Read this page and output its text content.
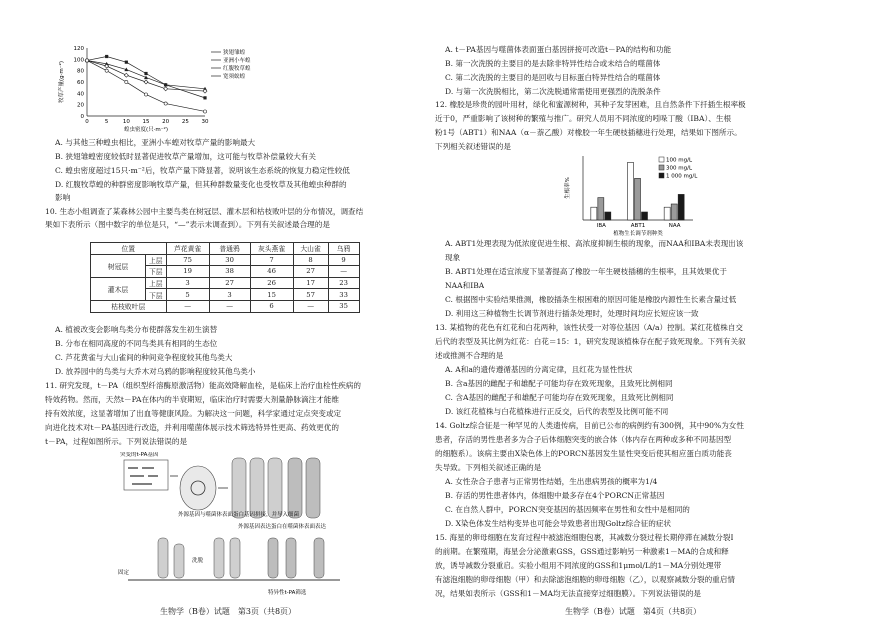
0
20
40
60
80
100
120
0	5	10 15 20 25 30
蝗虫密度(只·m⁻²)
牧草产量(g·m⁻²)
狭翅雏蝗
亚洲小车蝗
红腹牧草蝗
宽须蚁蝗
A. 与其他三种蝗虫相比，亚洲小车蝗对牧草产量的影响最大
B. 狭翅雏蝗密度较低时显著促进牧草产量增加，这可能与牧草补偿量较大有关
C. 蝗虫密度超过15只·m⁻²后，牧草产量下降显著，说明该生态系统的恢复力稳定性较低
D. 红腹牧草蝗的种群密度影响牧草产量，但其种群数量变化也受牧草及其他蝗虫种群的
影响
10. 生态小组调查了某森林公园中主要鸟类在树冠层、灌木层和枯枝败叶层的分布情况，调查结
果如下表所示（图中数字的单位是只，“—”表示未调查到）。下列有关叙述最合理的是
位置		芦花黄雀	普通鸦	灰头燕雀	大山雀	乌鸦
树冠层	上层	75	30	7	8	9
	下层	19	38	46	27	—
灌木层	上层	3	27	26	17	23
	下层	5	3	15	57	33
枯枝败叶层		—	—	6	—	35
A. 植被改变会影响鸟类分布使群落发生初生演替
B. 分布在相同高度的不同鸟类具有相同的生态位
C. 芦花黄雀与大山雀间的种间竞争程度较其他鸟类大
D. 放养园中的鸟类与大乔木对乌鸦的影响程度较其他鸟类小
11. 研究发现，t－PA（组织型纤溶酶原激活物）能高效降解血栓，是临床上治疗血栓性疾病的
特效药物。然而，天然t－PA在体内的半衰期短，临床治疗时需要大剂量静脉滴注才能维
持有效浓度，这显著增加了出血等健康风险。为解决这一问题，科学家通过定点突变或定
向进化技术对t－PA基因进行改造，并利用噬菌体展示技术筛选特异性更高、药效更优的
t－PA，过程如图所示。下列说法错误的是
突变的t-PA基因
外源基因与噬菌体表面蛋白基因拼接，并导入细菌
外源基因表达蛋白在噬菌体表面表达
固定
洗脱
特异性t-PA筛选
生物学（B卷）试题　第3页（共8页）
A. t－PA基因与噬菌体表面蛋白基因拼接可改造t－PA的结构和功能
B. 第一次洗脱的主要目的是去除非特异性结合或未结合的噬菌体
C. 第二次洗脱的主要目的是回收与目标蛋白特异性结合的噬菌体
D. 与第一次洗脱相比，第二次洗脱通常需使用更强烈的洗脱条件
12. 橡胶是珍贵的园叶用材，绿化和蜜源树种，其种子发芽困难，且自然条件下扦插生根率极
近于0，严重影响了该树种的繁殖与推广。研究人员用不同浓度的吲哚丁酸（IBA）、生根
粉1号（ABT1）和NAA（α－萘乙酸）对橡胶一年生硬枝插穗进行处理，结果如下图所示。
下列相关叙述错误的是
生根率%
IBA	ABT1	NAA
植物生长调节剂种类
100 mg/L
300 mg/L
1 000 mg/L
A. ABT1处理表现为低浓度促进生根、高浓度抑制生根的现象，而NAA和IBA未表现出该
现象
B. ABT1处理在适宜浓度下显著提高了橡胶一年生硬枝插穗的生根率，且其效果优于
NAA和IBA
C. 根据图中实验结果推测，橡胶插条生根困难的原因可能是橡胶内源性生长素含量过低
D. 利用这三种植物生长调节剂进行插条处理时，处理时间均应长短应该一致
13. 某植物的花色有红花和白花两种，该性状受一对等位基因（A/a）控制。某红花植株自交
后代的表型及其比例为红花：白花＝15：1，研究发现该植株存在配子致死现象。下列有关叙
述或推测不合理的是
A. A和a的遗传遵循基因的分离定律，且红花为显性性状
B. 含a基因的雌配子和雄配子可能均存在致死现象，且致死比例相同
C. 含A基因的雌配子和雄配子可能均存在致死现象，且致死比例相同
D. 该红花植株与白花植株进行正反交，后代的表型及比例可能不同
14. Goltz综合征是一种罕见的人类遗传病，目前已公布的病例约有300例，其中90%为女性
患者，存活的男性患者多为合子后体细胞突变的嵌合体（体内存在两种或多种不同基因型
的细胞系）。该病主要由X染色体上的PORCN基因发生显性突变后使其相应蛋白质功能丧
失导致。下列相关叙述正确的是
A. 女性杂合子患者与正常男性结婚，生出患病男孩的概率为1/4
B. 存活的男性患者体内，体细胞中最多存在4个PORCN正常基因
C. 在自然人群中，PORCN突变基因的基因频率在男性和女性中是相同的
D. X染色体发生结构变异也可能会导致患者出现Goltz综合征的症状
15. 海星的卵母细胞在发育过程中被滤泡细胞包裹，其减数分裂过程长期停滞在减数分裂Ⅰ
的前期。在繁殖期，海星会分泌激素GSS，GSS通过影响另一种激素1－MA的合成和释
放，诱导减数分裂重启。实验小组用不同浓度的GSS和1μmol/L的1－MA分别处理带
有滤泡细胞的卵母细胞（甲）和去除滤泡细胞的卵母细胞（乙），以观察减数分裂的重启情
况，结果如表所示（GSS和1－MA均无法直接穿过细胞膜）。下列说法错误的是
生物学（B卷）试题　第4页（共8页）
